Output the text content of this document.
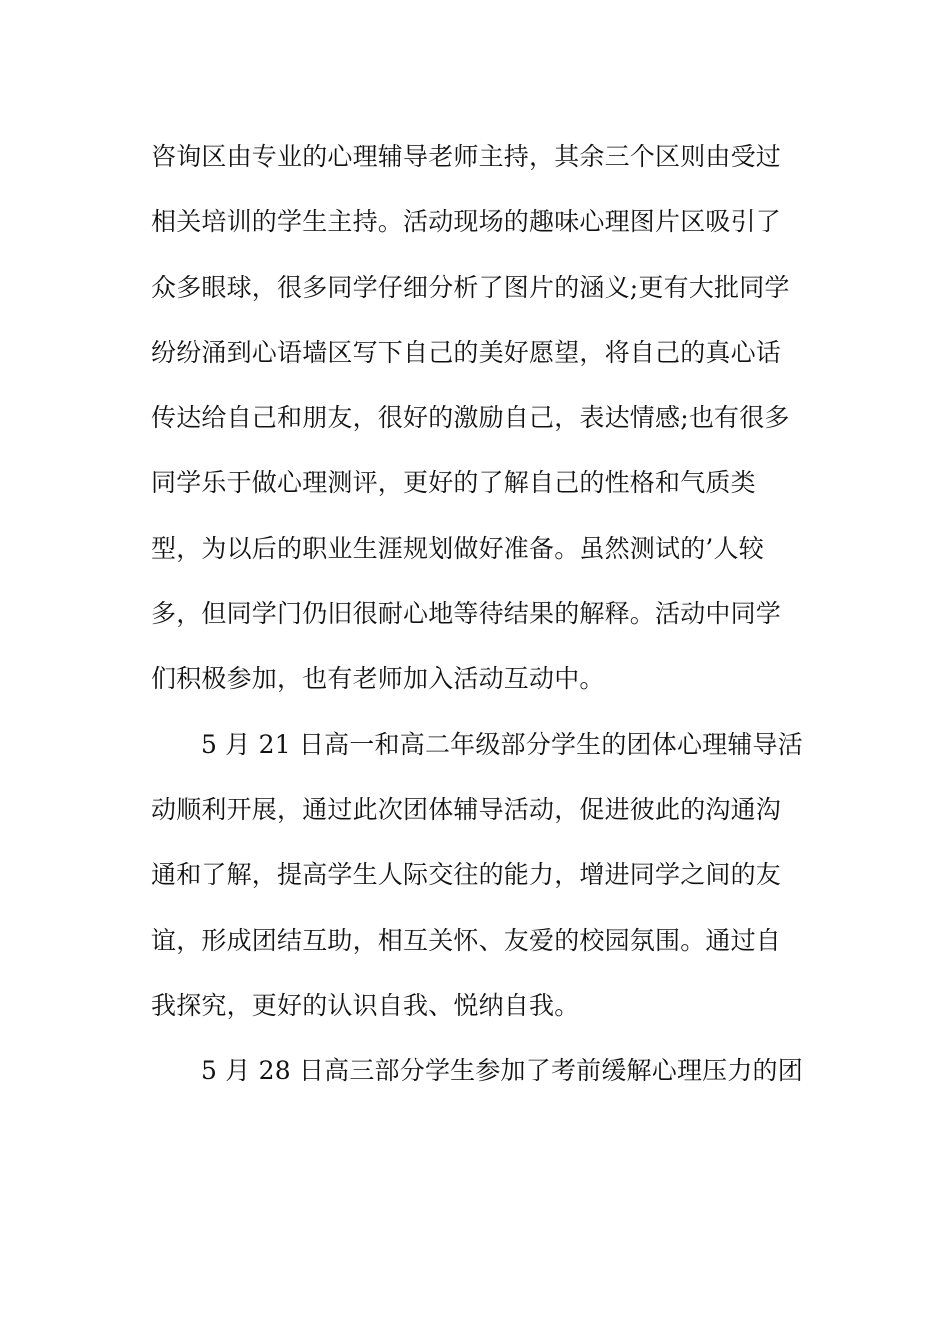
咨询区由专业的心理辅导老师主持，其余三个区则由受过
相关培训的学生主持。活动现场的趣味心理图片区吸引了
众多眼球，很多同学仔细分析了图片的涵义;更有大批同学
纷纷涌到心语墙区写下自己的美好愿望，将自己的真心话
传达给自己和朋友，很好的激励自己，表达情感;也有很多
同学乐于做心理测评，更好的了解自己的性格和气质类
型，为以后的职业生涯规划做好准备。虽然测试的’人较
多，但同学门仍旧很耐心地等待结果的解释。活动中同学
们积极参加，也有老师加入活动互动中。
5 月 21 日高一和高二年级部分学生的团体心理辅导活
动顺利开展，通过此次团体辅导活动，促进彼此的沟通沟
通和了解，提高学生人际交往的能力，增进同学之间的友
谊，形成团结互助，相互关怀、友爱的校园氛围。通过自
我探究，更好的认识自我、悦纳自我。
5 月 28 日高三部分学生参加了考前缓解心理压力的团
